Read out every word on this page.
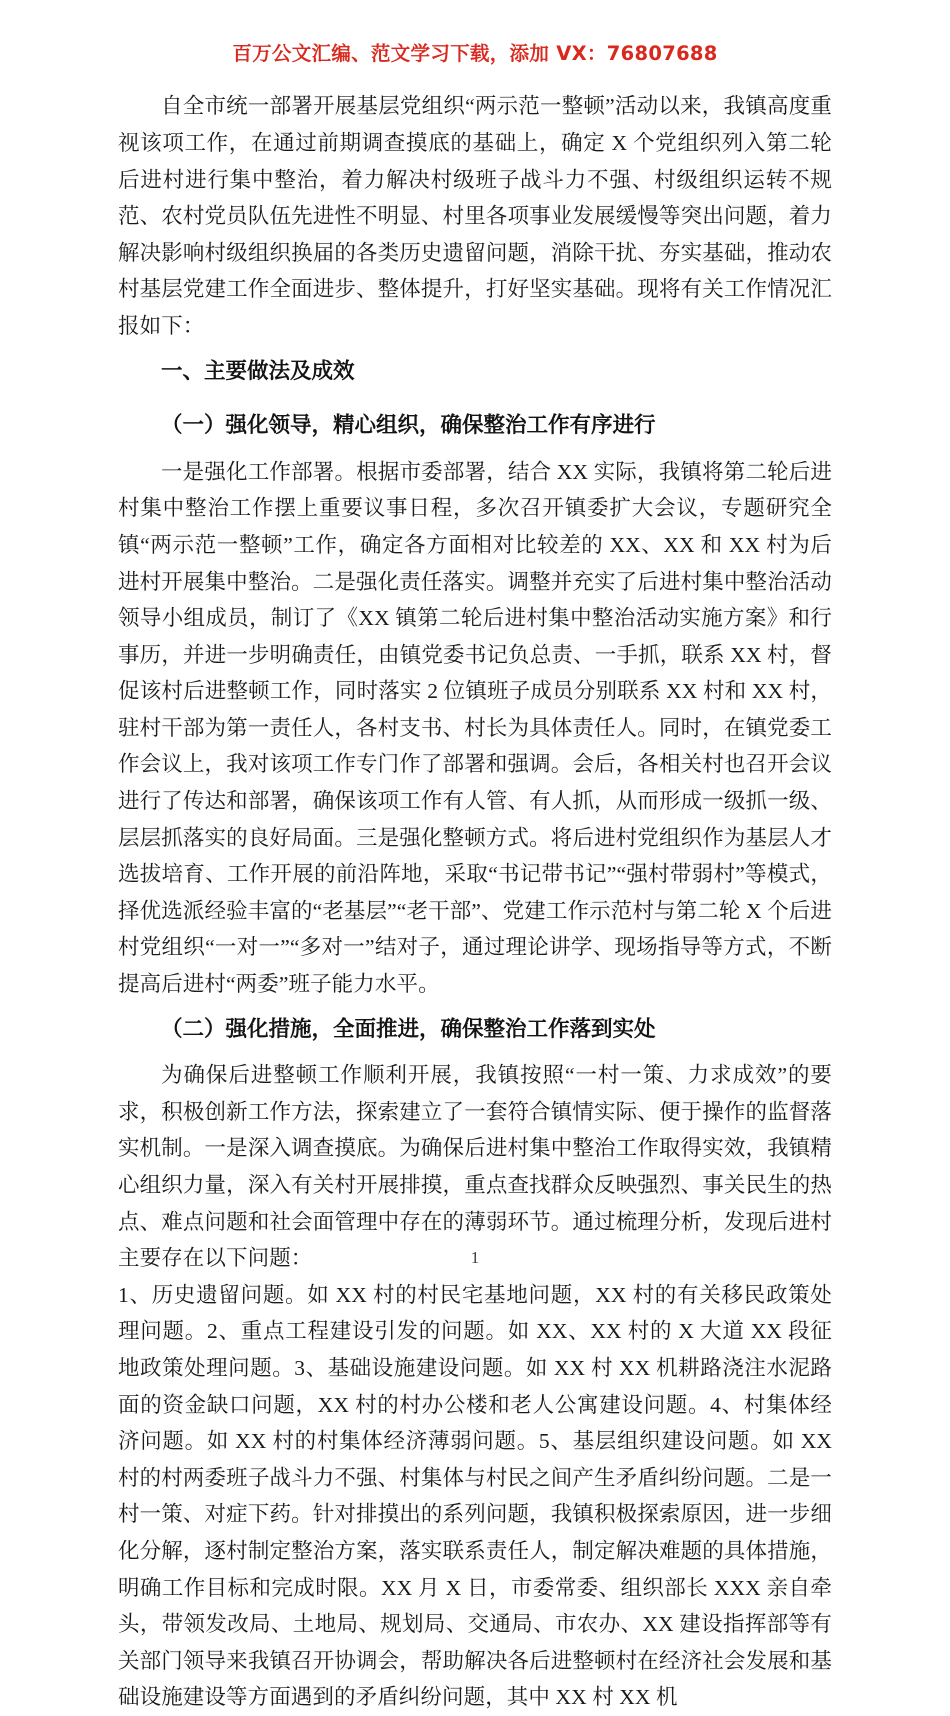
百万公文汇编、范文学习下载，添加 VX：76807688

自全市统一部署开展基层党组织“两示范一整顿”活动以来，我镇高度重视该项工作，在通过前期调查摸底的基础上，确定 X 个党组织列入第二轮后进村进行集中整治，着力解决村级班子战斗力不强、村级组织运转不规范、农村党员队伍先进性不明显、村里各项事业发展缓慢等突出问题，着力解决影响村级组织换届的各类历史遗留问题，消除干扰、夯实基础，推动农村基层党建工作全面进步、整体提升，打好坚实基础。现将有关工作情况汇报如下：

一、主要做法及成效
（一）强化领导，精心组织，确保整治工作有序进行

一是强化工作部署。根据市委部署，结合 XX 实际，我镇将第二轮后进村集中整治工作摆上重要议事日程，多次召开镇委扩大会议，专题研究全镇“两示范一整顿”工作，确定各方面相对比较差的 XX、XX 和 XX 村为后进村开展集中整治。二是强化责任落实。调整并充实了后进村集中整治活动领导小组成员，制订了《XX 镇第二轮后进村集中整治活动实施方案》和行事历，并进一步明确责任，由镇党委书记负总责、一手抓，联系 XX 村，督促该村后进整顿工作，同时落实 2 位镇班子成员分别联系 XX 村和 XX 村，驻村干部为第一责任人，各村支书、村长为具体责任人。同时，在镇党委工作会议上，我对该项工作专门作了部署和强调。会后，各相关村也召开会议进行了传达和部署，确保该项工作有人管、有人抓，从而形成一级抓一级、层层抓落实的良好局面。三是强化整顿方式。将后进村党组织作为基层人才选拔培育、工作开展的前沿阵地，采取“书记带书记”“强村带弱村”等模式，择优选派经验丰富的“老基层”“老干部”、党建工作示范村与第二轮 X 个后进村党组织“一对一”“多对一”结对子，通过理论讲学、现场指导等方式，不断提高后进村“两委”班子能力水平。

（二）强化措施，全面推进，确保整治工作落到实处

为确保后进整顿工作顺利开展，我镇按照“一村一策、力求成效”的要求，积极创新工作方法，探索建立了一套符合镇情实际、便于操作的监督落实机制。一是深入调查摸底。为确保后进村集中整治工作取得实效，我镇精心组织力量，深入有关村开展排摸，重点查找群众反映强烈、事关民生的热点、难点问题和社会面管理中存在的薄弱环节。通过梳理分析，发现后进村主要存在以下问题：

1、历史遗留问题。如 XX 村的村民宅基地问题，XX 村的有关移民政策处理问题。2、重点工程建设引发的问题。如 XX、XX 村的 X 大道 XX 段征地政策处理问题。3、基础设施建设问题。如 XX 村 XX 机耕路浇注水泥路面的资金缺口问题，XX 村的村办公楼和老人公寓建设问题。4、村集体经济问题。如 XX 村的村集体经济薄弱问题。5、基层组织建设问题。如 XX 村的村两委班子战斗力不强、村集体与村民之间产生矛盾纠纷问题。二是一村一策、对症下药。针对排摸出的系列问题，我镇积极探索原因，进一步细化分解，逐村制定整治方案，落实联系责任人，制定解决难题的具体措施，明确工作目标和完成时限。XX 月 X 日，市委常委、组织部长 XXX 亲自牵头，带领发改局、土地局、规划局、交通局、市农办、XX 建设指挥部等有关部门领导来我镇召开协调会，帮助解决各后进整顿村在经济社会发展和基础设施建设等方面遇到的矛盾纠纷问题，其中 XX 村 XX 机

1
